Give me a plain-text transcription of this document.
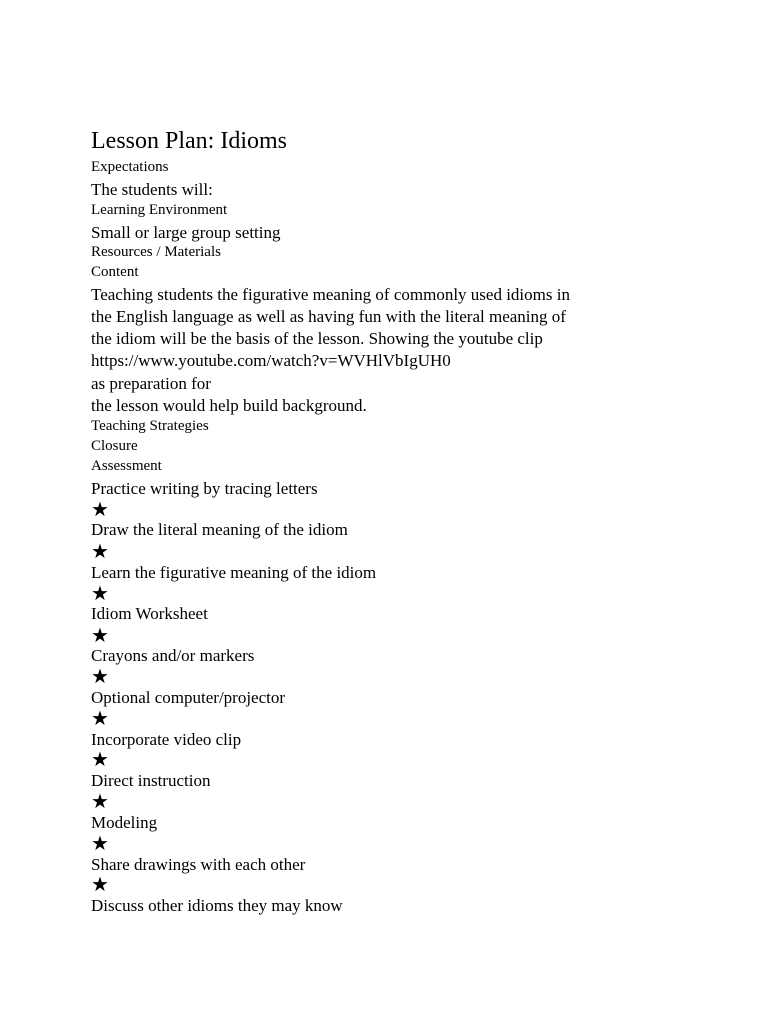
Lesson Plan: Idioms
Expectations
The students will:
Learning Environment
Small or large group setting
Resources / Materials
Content
Teaching students the figurative meaning of commonly used idioms in
the English language as well as having fun with the literal meaning of
the idiom will be the basis of the lesson. Showing the youtube clip
https://www.youtube.com/watch?v=WVHlVbIgUH0
as preparation for
the lesson would help build background.
Teaching Strategies
Closure
Assessment
Practice writing by tracing letters
★
Draw the literal meaning of the idiom
★
Learn the figurative meaning of the idiom
★
Idiom Worksheet
★
Crayons and/or markers
★
Optional computer/projector
★
Incorporate video clip
★
Direct instruction
★
Modeling
★
Share drawings with each other
★
Discuss other idioms they may know
